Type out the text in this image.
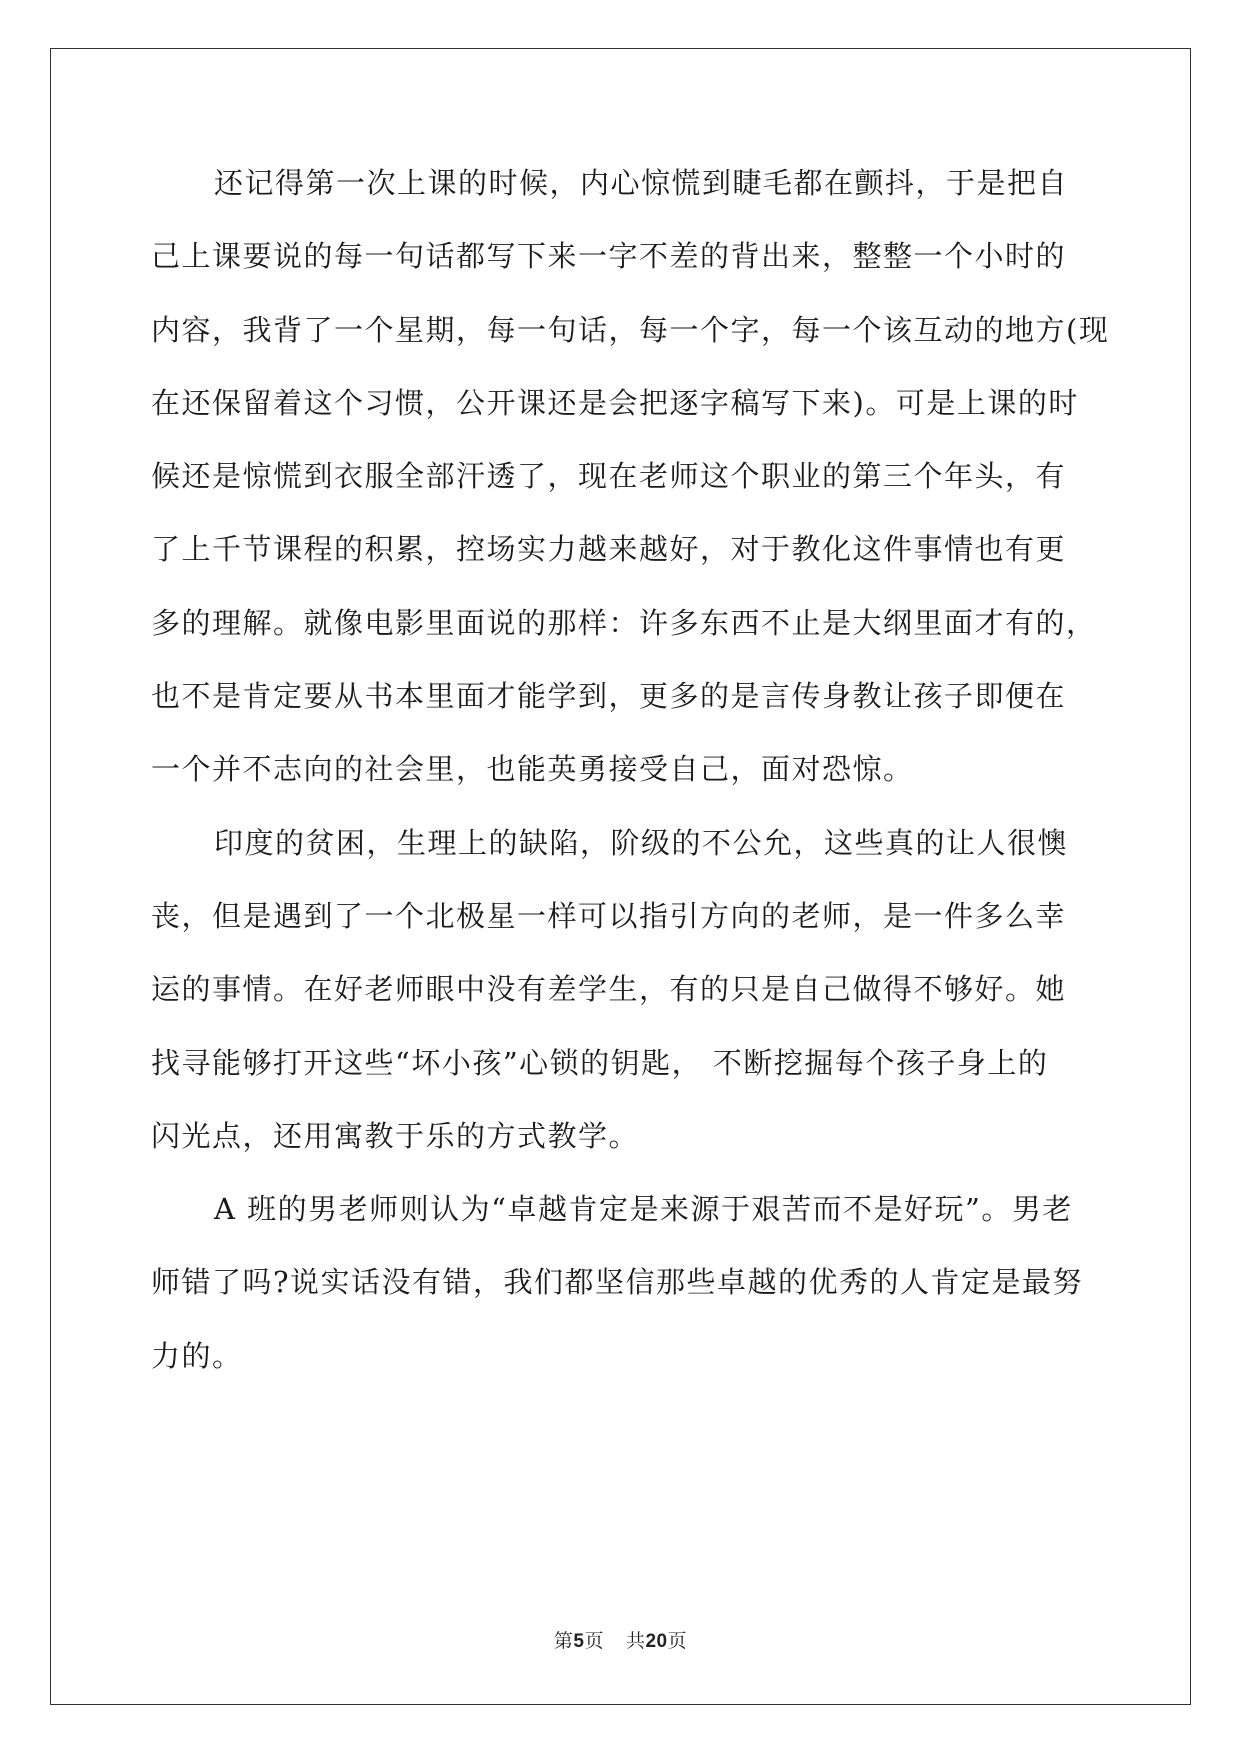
还记得第一次上课的时候，内心惊慌到睫毛都在颤抖，于是把自
己上课要说的每一句话都写下来一字不差的背出来，整整一个小时的
内容，我背了一个星期，每一句话，每一个字，每一个该互动的地方(现
在还保留着这个习惯，公开课还是会把逐字稿写下来)。可是上课的时
候还是惊慌到衣服全部汗透了，现在老师这个职业的第三个年头，有
了上千节课程的积累，控场实力越来越好，对于教化这件事情也有更
多的理解。就像电影里面说的那样：许多东西不止是大纲里面才有的，
也不是肯定要从书本里面才能学到，更多的是言传身教让孩子即便在
一个并不志向的社会里，也能英勇接受自己，面对恐惊。
印度的贫困，生理上的缺陷，阶级的不公允，这些真的让人很懊
丧，但是遇到了一个北极星一样可以指引方向的老师，是一件多么幸
运的事情。在好老师眼中没有差学生，有的只是自己做得不够好。她
找寻能够打开这些“坏小孩”心锁的钥匙， 不断挖掘每个孩子身上的
闪光点，还用寓教于乐的方式教学。
A 班的男老师则认为“卓越肯定是来源于艰苦而不是好玩”。男老
师错了吗?说实话没有错，我们都坚信那些卓越的优秀的人肯定是最努
力的。
第5页 共20页
